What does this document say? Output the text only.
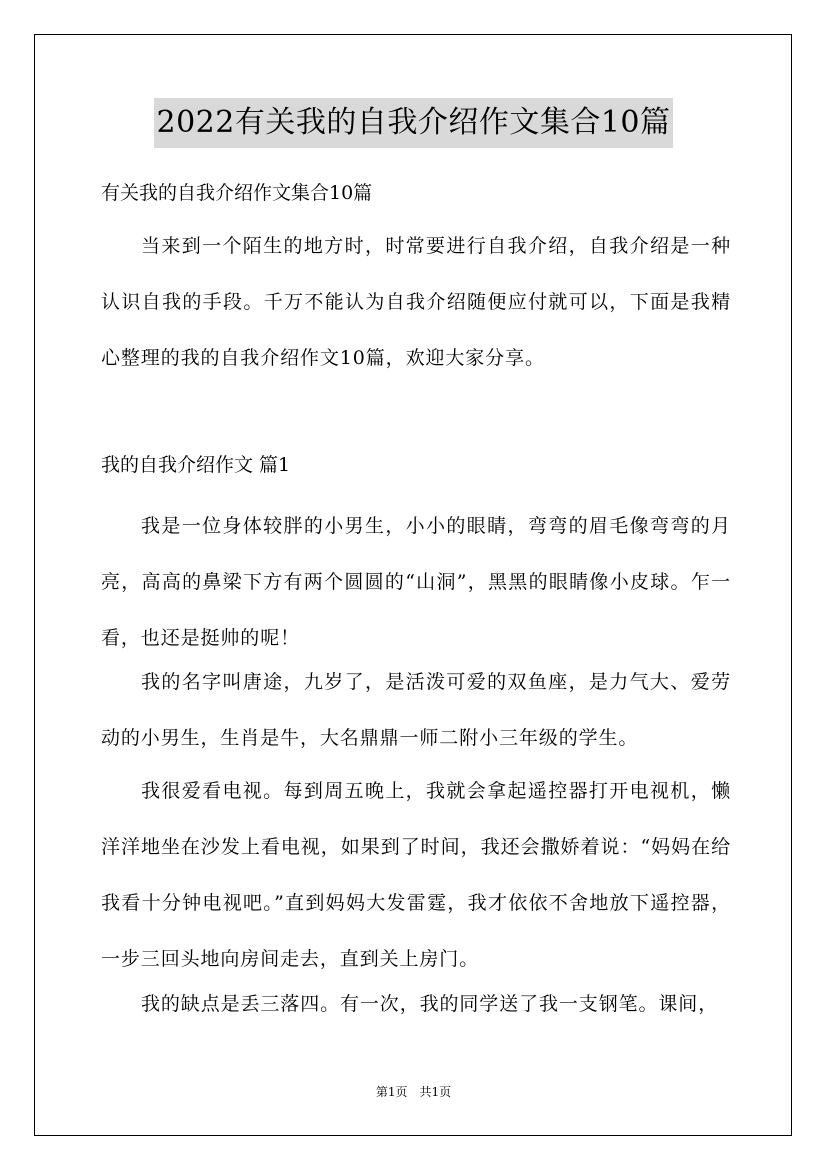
2022有关我的自我介绍作文集合10篇
有关我的自我介绍作文集合10篇
当来到一个陌生的地方时，时常要进行自我介绍，自我介绍是一种认识自我的手段。千万不能认为自我介绍随便应付就可以，下面是我精心整理的我的自我介绍作文10篇，欢迎大家分享。
我的自我介绍作文 篇1
我是一位身体较胖的小男生，小小的眼睛，弯弯的眉毛像弯弯的月亮，高高的鼻梁下方有两个圆圆的“山洞”，黑黑的眼睛像小皮球。乍一看，也还是挺帅的呢！
我的名字叫唐途，九岁了，是活泼可爱的双鱼座，是力气大、爱劳动的小男生，生肖是牛，大名鼎鼎一师二附小三年级的学生。
我很爱看电视。每到周五晚上，我就会拿起遥控器打开电视机，懒洋洋地坐在沙发上看电视，如果到了时间，我还会撒娇着说：“妈妈在给我看十分钟电视吧。”直到妈妈大发雷霆，我才依依不舍地放下遥控器，一步三回头地向房间走去，直到关上房门。
我的缺点是丢三落四。有一次，我的同学送了我一支钢笔。课间，
第1页 共1页
